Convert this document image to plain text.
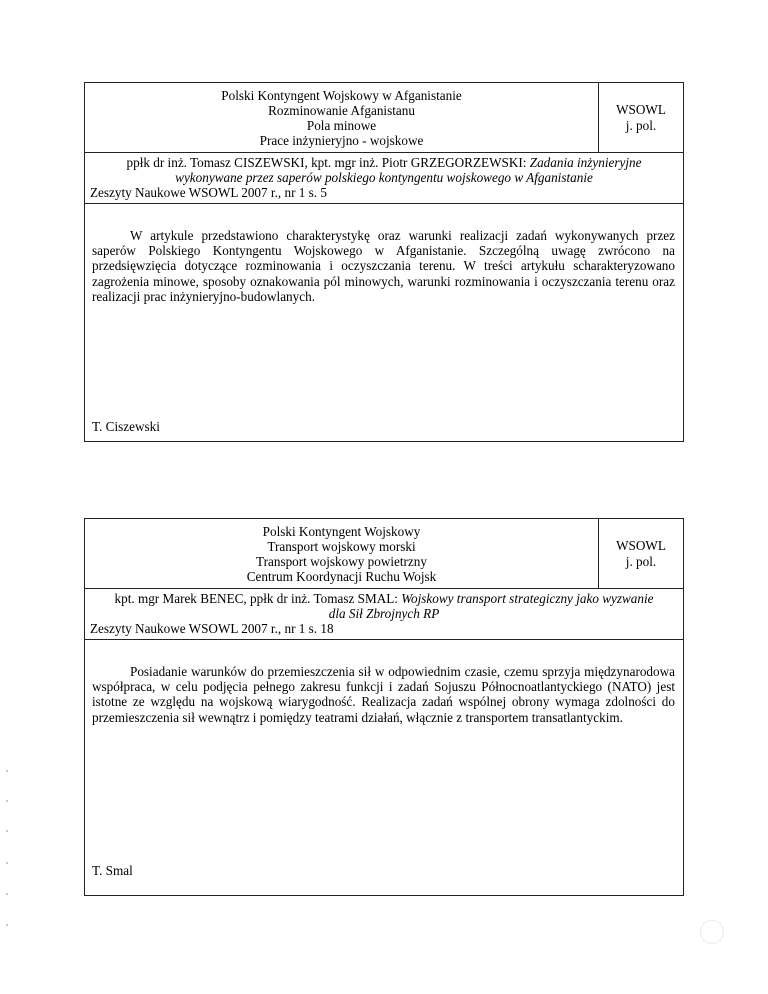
Polski Kontyngent Wojskowy w Afganistanie
Rozminowanie Afganistanu
Pola minowe
Prace inżynieryjno - wojskowe
WSOWL
j. pol.
ppłk dr inż. Tomasz CISZEWSKI, kpt. mgr inż. Piotr GRZEGORZEWSKI: Zadania inżynieryjne
wykonywane przez saperów polskiego kontyngentu wojskowego w Afganistanie
Zeszyty Naukowe WSOWL 2007 r., nr 1 s. 5
W artykule przedstawiono charakterystykę oraz warunki realizacji zadań wykonywanych przez saperów Polskiego Kontyngentu Wojskowego w Afganistanie. Szczególną uwagę zwrócono na przedsięwzięcia dotyczące rozminowania i oczyszczania terenu. W treści artykułu scharakteryzowano zagrożenia minowe, sposoby oznakowania pól minowych, warunki rozminowania i oczyszczania terenu oraz realizacji prac inżynieryjno-budowlanych.
T. Ciszewski
Polski Kontyngent Wojskowy
Transport wojskowy morski
Transport wojskowy powietrzny
Centrum Koordynacji Ruchu Wojsk
WSOWL
j. pol.
kpt. mgr Marek BENEC, ppłk dr inż. Tomasz SMAL: Wojskowy transport strategiczny jako wyzwanie
dla Sił Zbrojnych RP
Zeszyty Naukowe WSOWL 2007 r., nr 1 s. 18
Posiadanie warunków do przemieszczenia sił w odpowiednim czasie, czemu sprzyja międzynarodowa współpraca, w celu podjęcia pełnego zakresu funkcji i zadań Sojuszu Północnoatlantyckiego (NATO) jest istotne ze względu na wojskową wiarygodność. Realizacja zadań wspólnej obrony wymaga zdolności do przemieszczenia sił wewnątrz i pomiędzy teatrami działań, włącznie z transportem transatlantyckim.
T. Smal
